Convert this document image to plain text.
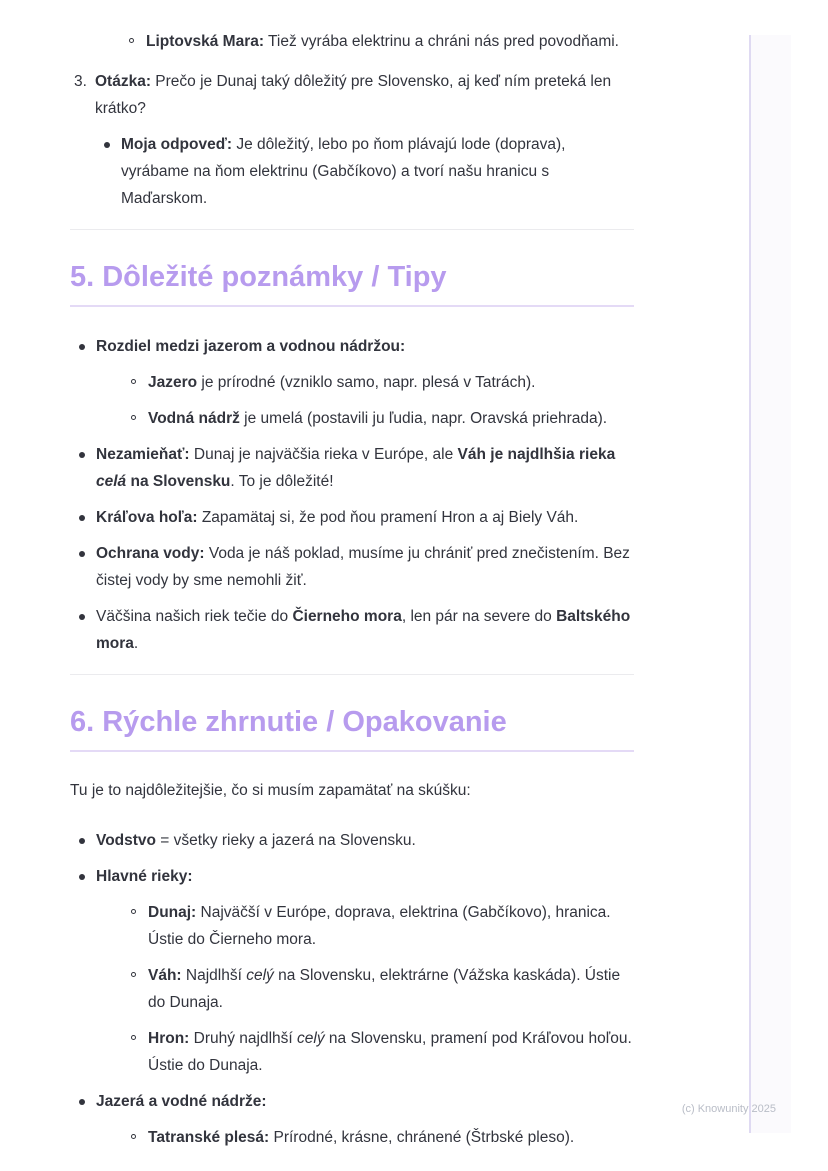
Liptovská Mara: Tiež vyrába elektrinu a chráni nás pred povodňami.
3. Otázka: Prečo je Dunaj taký dôležitý pre Slovensko, aj keď ním preteká len krátko?
Moja odpoveď: Je dôležitý, lebo po ňom plávajú lode (doprava), vyrábame na ňom elektrinu (Gabčíkovo) a tvorí našu hranicu s Maďarskom.
5. Dôležité poznámky / Tipy
Rozdiel medzi jazerom a vodnou nádržou:
Jazero je prírodné (vzniklo samo, napr. plesá v Tatrách).
Vodná nádrž je umelá (postavili ju ľudia, napr. Oravská priehrada).
Nezamieňať: Dunaj je najväčšia rieka v Európe, ale Váh je najdlhšia rieka celá na Slovensku. To je dôležité!
Kráľova hoľa: Zapamätaj si, že pod ňou pramení Hron a aj Biely Váh.
Ochrana vody: Voda je náš poklad, musíme ju chrániť pred znečistením. Bez čistej vody by sme nemohli žiť.
Väčšina našich riek tečie do Čierneho mora, len pár na severe do Baltského mora.
6. Rýchle zhrnutie / Opakovanie

Tu je to najdôležitejšie, čo si musím zapamätať na skúšku:

Vodstvo = všetky rieky a jazerá na Slovensku.
Hlavné rieky:
Dunaj: Najväčší v Európe, doprava, elektrina (Gabčíkovo), hranica. Ústie do Čierneho mora.
Váh: Najdlhší celý na Slovensku, elektrárne (Vážska kaskáda). Ústie do Dunaja.
Hron: Druhý najdlhší celý na Slovensku, pramení pod Kráľovou hoľou. Ústie do Dunaja.
Jazerá a vodné nádrže:
Tatranské plesá: Prírodné, krásne, chránené (Štrbské pleso).
(c) Knowunity 2025
